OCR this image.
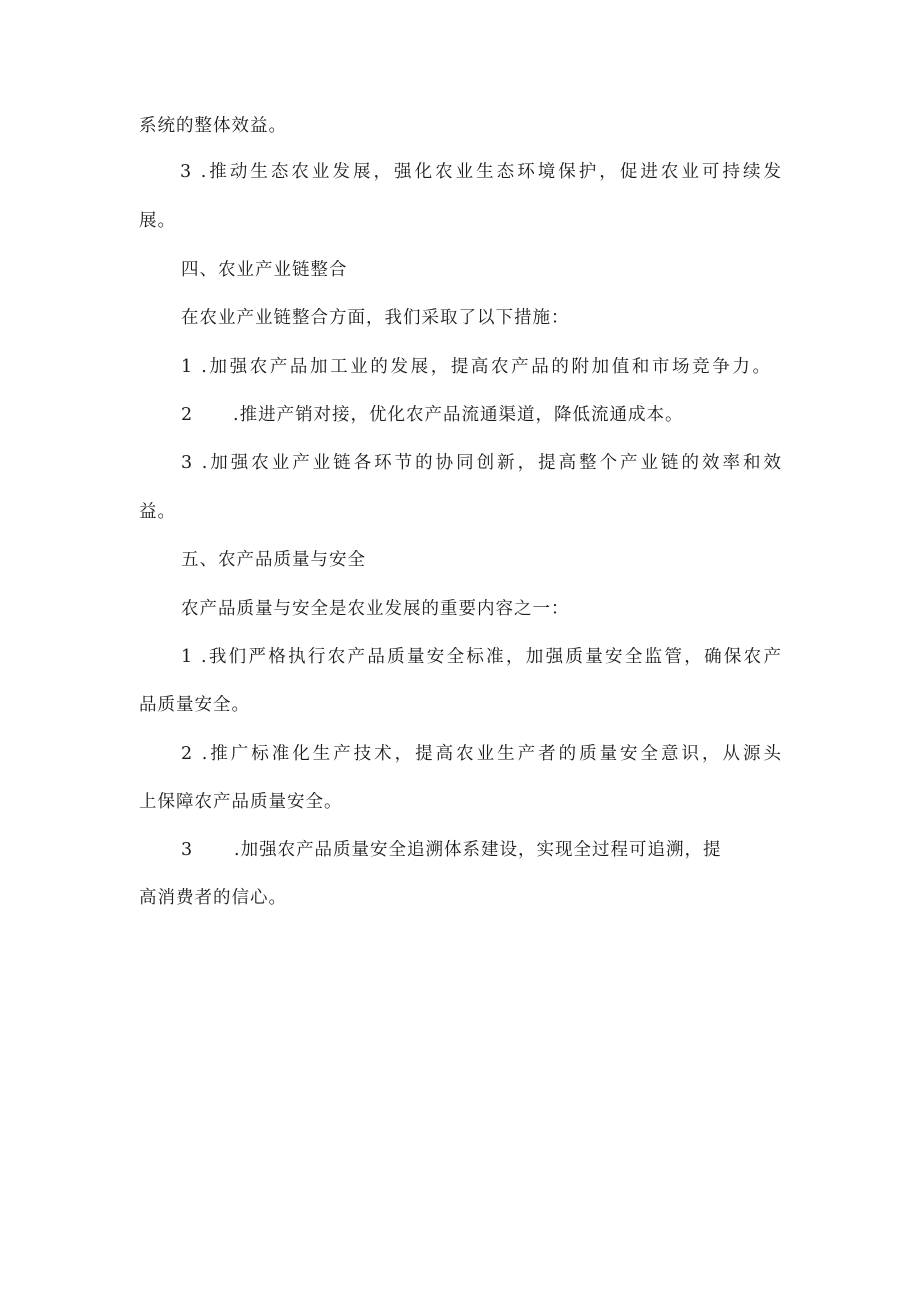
系统的整体效益。
3 .推动生态农业发展，强化农业生态环境保护，促进农业可持续发
展。
四、农业产业链整合
在农业产业链整合方面，我们采取了以下措施：
1 .加强农产品加工业的发展，提高农产品的附加值和市场竞争力。
2 .推进产销对接，优化农产品流通渠道，降低流通成本。
3 .加强农业产业链各环节的协同创新，提高整个产业链的效率和效
益。
五、农产品质量与安全
农产品质量与安全是农业发展的重要内容之一：
1 .我们严格执行农产品质量安全标准，加强质量安全监管，确保农产
品质量安全。
2 .推广标准化生产技术，提高农业生产者的质量安全意识，从源头
上保障农产品质量安全。
3 .加强农产品质量安全追溯体系建设，实现全过程可追溯，提
高消费者的信心。
